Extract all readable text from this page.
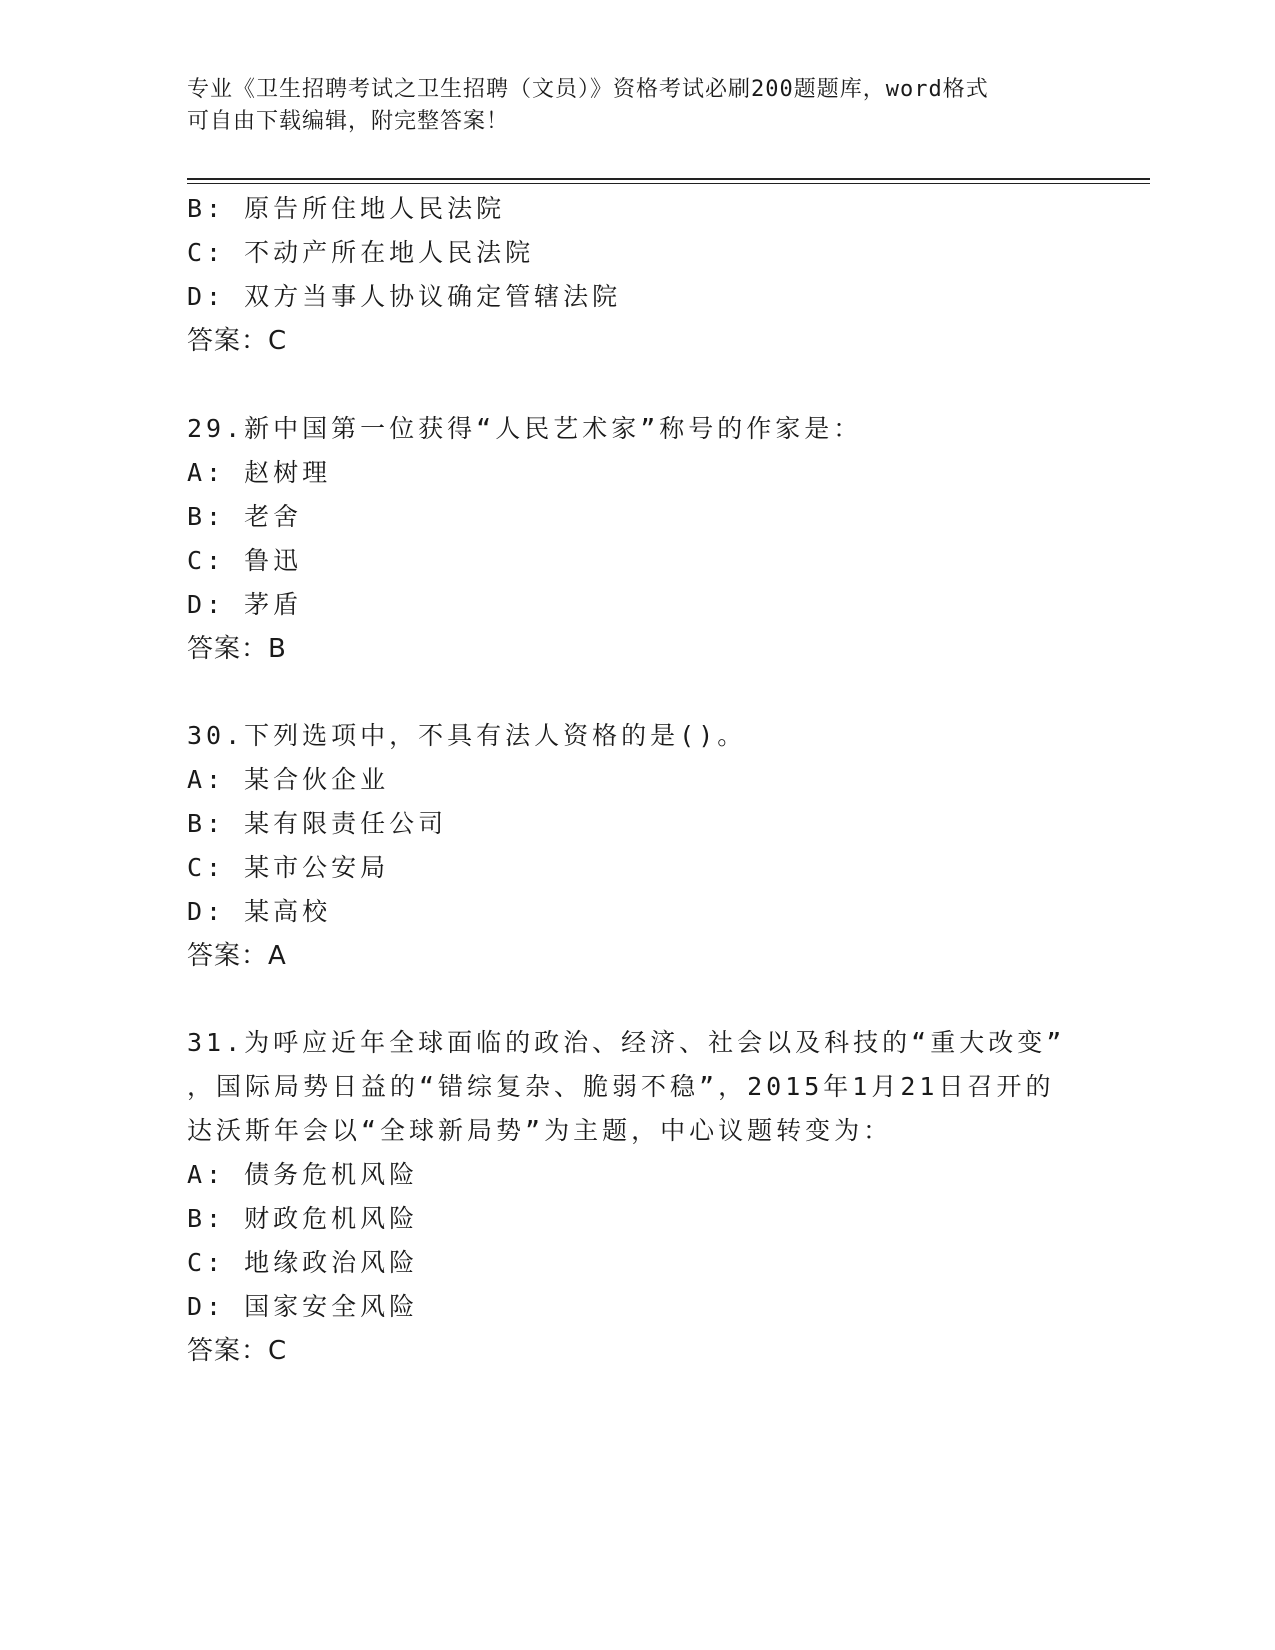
专业《卫生招聘考试之卫生招聘（文员）》资格考试必刷200题题库，word格式
可自由下载编辑，附完整答案！
B: 原告所住地人民法院
C: 不动产所在地人民法院
D: 双方当事人协议确定管辖法院
答案：C
29.新中国第一位获得“人民艺术家”称号的作家是：
A: 赵树理
B: 老舍
C: 鲁迅
D: 茅盾
答案：B
30.下列选项中，不具有法人资格的是()。
A: 某合伙企业
B: 某有限责任公司
C: 某市公安局
D: 某高校
答案：A
31.为呼应近年全球面临的政治、经济、社会以及科技的“重大改变”
，国际局势日益的“错综复杂、脆弱不稳”，2015年1月21日召开的
达沃斯年会以“全球新局势”为主题，中心议题转变为：
A: 债务危机风险
B: 财政危机风险
C: 地缘政治风险
D: 国家安全风险
答案：C
